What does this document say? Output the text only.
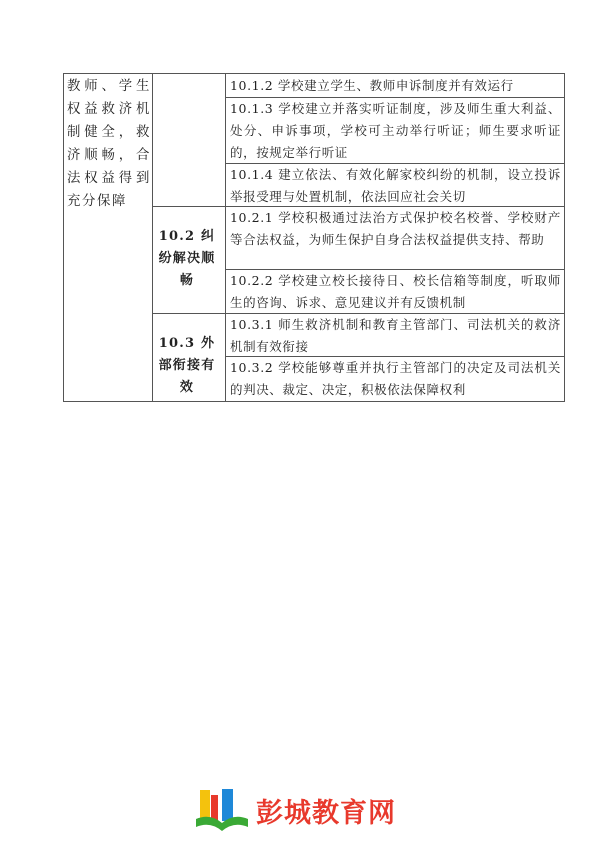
教师、学生权益救济机制健全，救济顺畅，合法权益得到充分保障
10.2 纠纷解决顺畅
10.3 外部衔接有效
10.1.2 学校建立学生、教师申诉制度并有效运行
10.1.3 学校建立并落实听证制度，涉及师生重大利益、处分、申诉事项，学校可主动举行听证；师生要求听证的，按规定举行听证
10.1.4 建立依法、有效化解家校纠纷的机制，设立投诉举报受理与处置机制，依法回应社会关切
10.2.1 学校积极通过法治方式保护校名校誉、学校财产等合法权益，为师生保护自身合法权益提供支持、帮助
10.2.2 学校建立校长接待日、校长信箱等制度，听取师生的咨询、诉求、意见建议并有反馈机制
10.3.1 师生救济机制和教育主管部门、司法机关的救济机制有效衔接
10.3.2 学校能够尊重并执行主管部门的决定及司法机关的判决、裁定、决定，积极依法保障权利
彭城教育网
